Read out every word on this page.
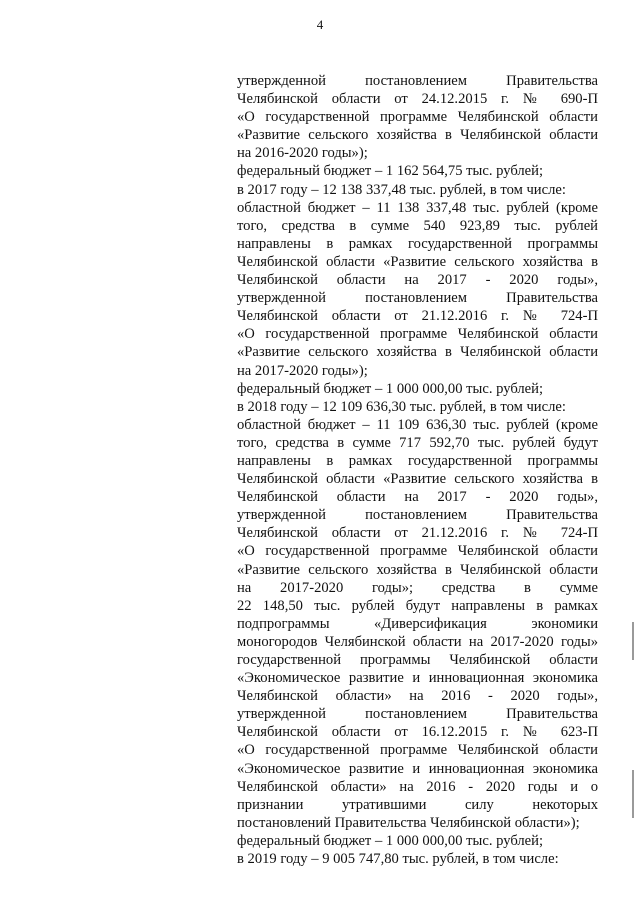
4
утвержденной постановлением Правительства
Челябинской области от 24.12.2015 г. № 690-П
«О государственной программе Челябинской области
«Развитие сельского хозяйства в Челябинской области
на 2016-2020 годы»);
федеральный бюджет – 1 162 564,75 тыс. рублей;
в 2017 году – 12 138 337,48 тыс. рублей, в том числе:
областной бюджет – 11 138 337,48 тыс. рублей (кроме
того, средства в сумме 540 923,89 тыс. рублей
направлены в рамках государственной программы
Челябинской области «Развитие сельского хозяйства в
Челябинской области на 2017 - 2020 годы»,
утвержденной постановлением Правительства
Челябинской области от 21.12.2016 г. № 724-П
«О государственной программе Челябинской области
«Развитие сельского хозяйства в Челябинской области
на 2017-2020 годы»);
федеральный бюджет – 1 000 000,00 тыс. рублей;
в 2018 году – 12 109 636,30 тыс. рублей, в том числе:
областной бюджет – 11 109 636,30 тыс. рублей (кроме
того, средства в сумме 717 592,70 тыс. рублей будут
направлены в рамках государственной программы
Челябинской области «Развитие сельского хозяйства в
Челябинской области на 2017 - 2020 годы»,
утвержденной постановлением Правительства
Челябинской области от 21.12.2016 г. № 724-П
«О государственной программе Челябинской области
«Развитие сельского хозяйства в Челябинской области
на 2017-2020 годы»; средства в сумме
22 148,50 тыс. рублей будут направлены в рамках
подпрограммы «Диверсификация экономики
моногородов Челябинской области на 2017-2020 годы»
государственной программы Челябинской области
«Экономическое развитие и инновационная экономика
Челябинской области» на 2016 - 2020 годы»,
утвержденной постановлением Правительства
Челябинской области от 16.12.2015 г. № 623-П
«О государственной программе Челябинской области
«Экономическое развитие и инновационная экономика
Челябинской области» на 2016 - 2020 годы и о
признании утратившими силу некоторых
постановлений Правительства Челябинской области»);
федеральный бюджет – 1 000 000,00 тыс. рублей;
в 2019 году – 9 005 747,80 тыс. рублей, в том числе:
